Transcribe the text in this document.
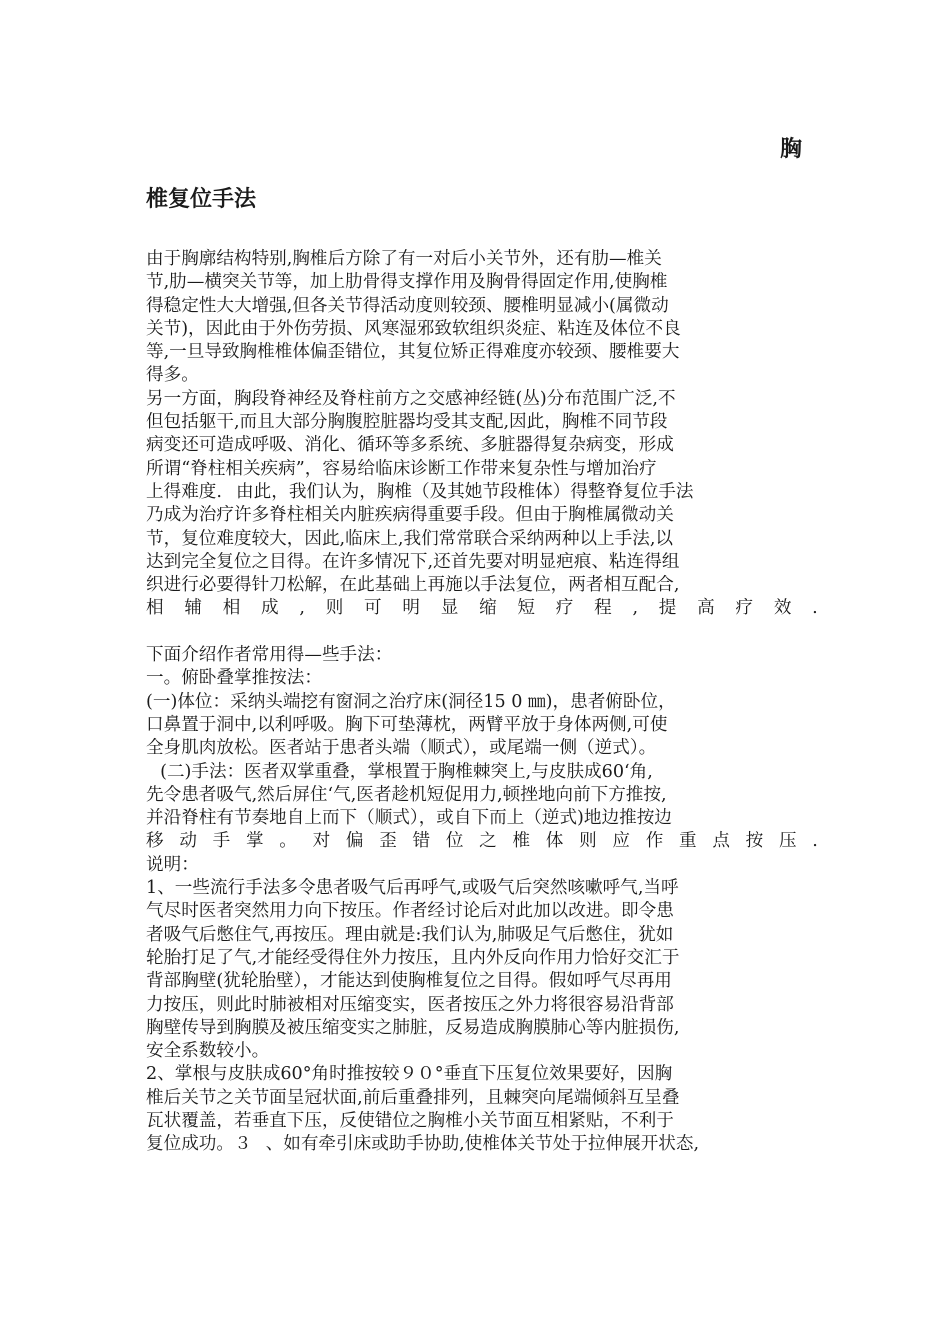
胸
椎复位手法
由于胸廓结构特别,胸椎后方除了有一对后小关节外，还有肋—椎关
节,肋—横突关节等，加上肋骨得支撑作用及胸骨得固定作用,使胸椎
得稳定性大大增强,但各关节得活动度则较颈、腰椎明显减小(属微动
关节)，因此由于外伤劳损、风寒湿邪致软组织炎症、粘连及体位不良
等,一旦导致胸椎椎体偏歪错位，其复位矫正得难度亦较颈、腰椎要大
得多。
另一方面，胸段脊神经及脊柱前方之交感神经链(丛)分布范围广泛,不
但包括躯干,而且大部分胸腹腔脏器均受其支配,因此，胸椎不同节段
病变还可造成呼吸、消化、循环等多系统、多脏器得复杂病变，形成
所谓“脊柱相关疾病”，容易给临床诊断工作带来复杂性与增加治疗
上得难度.由此，我们认为，胸椎（及其她节段椎体）得整脊复位手法
乃成为治疗许多脊柱相关内脏疾病得重要手段。但由于胸椎属微动关
节，复位难度较大，因此,临床上,我们常常联合采纳两种以上手法,以
达到完全复位之目得。在许多情况下,还首先要对明显疤痕、粘连得组
织进行必要得针刀松解，在此基础上再施以手法复位，两者相互配合,
相 辅 相 成 , 则 可 明 显 缩 短 疗 程 , 提 高 疗 效 .
下面介绍作者常用得—些手法：
一。俯卧叠掌推按法：
(一)体位：采纳头端挖有窗洞之治疗床(洞径15 0 ㎜)，患者俯卧位，
口鼻置于洞中,以利呼吸。胸下可垫薄枕，两臂平放于身体两侧,可使
全身肌肉放松。医者站于患者头端（顺式），或尾端一侧（逆式）。
(二)手法：医者双掌重叠，掌根置于胸椎棘突上,与皮肤成60‘角,
先令患者吸气,然后屏住‘气,医者趁机短促用力,顿挫地向前下方推按,
并沿脊柱有节奏地自上而下（顺式），或自下而上（逆式)地边推按边
移 动 手 掌 。 对 偏 歪 错 位 之 椎 体 则 应 作 重 点 按 压 .
说明：
1、一些流行手法多令患者吸气后再呼气,或吸气后突然咳嗽呼气,当呼
气尽时医者突然用力向下按压。作者经讨论后对此加以改进。即令患
者吸气后憋住气,再按压。理由就是:我们认为,肺吸足气后憋住，犹如
轮胎打足了气,才能经受得住外力按压，且内外反向作用力恰好交汇于
背部胸壁(犹轮胎壁），才能达到使胸椎复位之目得。假如呼气尽再用
力按压，则此时肺被相对压缩变实，医者按压之外力将很容易沿背部
胸壁传导到胸膜及被压缩变实之肺脏，反易造成胸膜肺心等内脏损伤,
安全系数较小。
2、掌根与皮肤成60°角时推按较９０°垂直下压复位效果要好，因胸
椎后关节之关节面呈冠状面,前后重叠排列，且棘突向尾端倾斜互呈叠
瓦状覆盖，若垂直下压，反使错位之胸椎小关节面互相紧贴，不利于
复位成功。３、如有牵引床或助手协助,使椎体关节处于拉伸展开状态,
